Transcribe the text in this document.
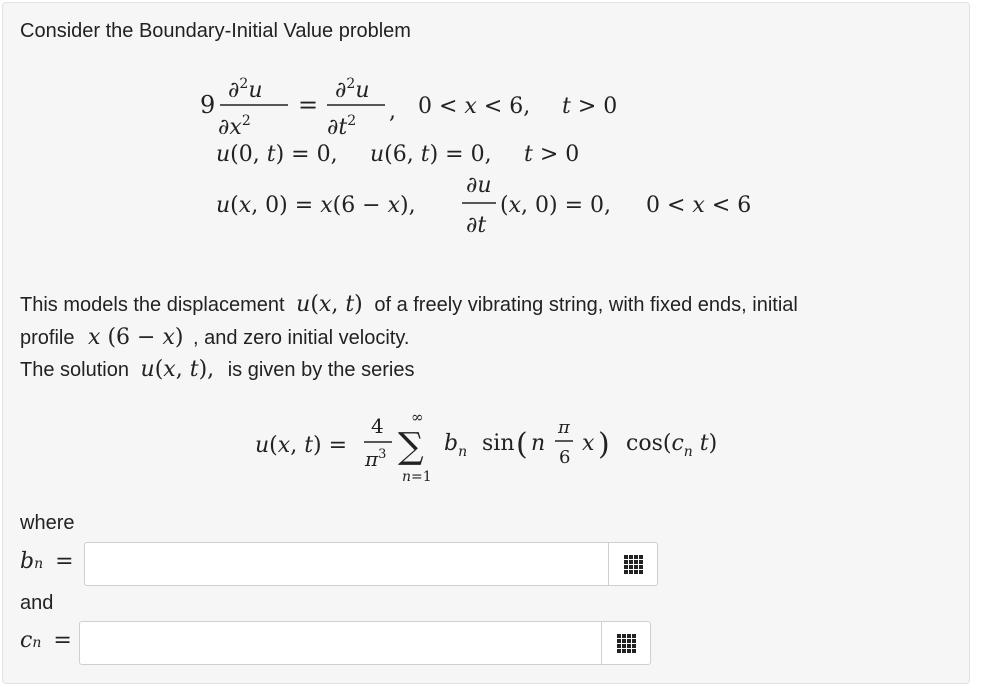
Consider the Boundary-Initial Value problem
9
∂$^2$u
$\partial x^2$
=
∂$^2$u
$\partial t^2$ , 0 < x < 6, t > 0
u(0, t) = 0, u(6, t) = 0, t > 0
u(x, 0) = x(6 − x),
∂u
∂t
(x, 0) = 0, 0 < x < 6
This models the displacement u(x, t) of a freely vibrating string, with fixed ends, initial
profile x (6 − x) , and zero initial velocity.
The solution u(x, t), is given by the series
u(x, t) =
4
$\pi^3$
∞
∑
n=1
$b_n$ sin ( n
π
6
x ) $\cos(c_n$ t)
where
bn =
and
cn =
